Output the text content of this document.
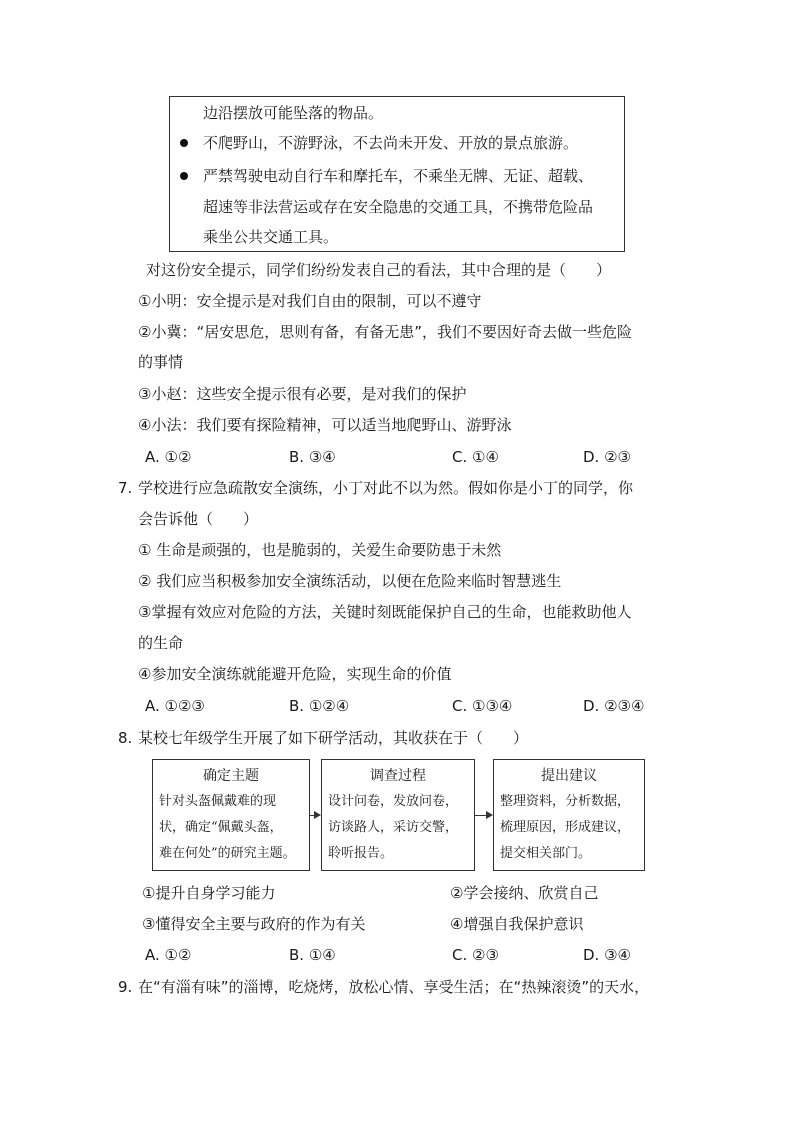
边沿摆放可能坠落的物品。
不爬野山，不游野泳，不去尚未开发、开放的景点旅游。
严禁驾驶电动自行车和摩托车，不乘坐无牌、无证、超载、
超速等非法营运或存在安全隐患的交通工具，不携带危险品
乘坐公共交通工具。
对这份安全提示，同学们纷纷发表自己的看法，其中合理的是（　　）
①小明：安全提示是对我们自由的限制，可以不遵守
②小冀：“居安思危，思则有备，有备无患”，我们不要因好奇去做一些危险
的事情
③小赵：这些安全提示很有必要，是对我们的保护
④小法：我们要有探险精神，可以适当地爬野山、游野泳
A. ①②	B. ③④	C. ①④	D. ②③
7. 学校进行应急疏散安全演练，小丁对此不以为然。假如你是小丁的同学，你
会告诉他（　　）
① 生命是顽强的，也是脆弱的，关爱生命要防患于未然
② 我们应当积极参加安全演练活动，以便在危险来临时智慧逃生
③掌握有效应对危险的方法，关键时刻既能保护自己的生命，也能救助他人
的生命
④参加安全演练就能避开危险，实现生命的价值
A. ①②③	B. ①②④	C. ①③④	D. ②③④
8. 某校七年级学生开展了如下研学活动，其收获在于（　　）
确定主题
针对头盔佩戴难的现
状，确定“佩戴头盔，
难在何处”的研究主题。
调查过程
设计问卷，发放问卷，
访谈路人，采访交警，
聆听报告。
提出建议
整理资料，分析数据，
梳理原因，形成建议，
提交相关部门。
①提升自身学习能力	②学会接纳、欣赏自己
③懂得安全主要与政府的作为有关	④增强自我保护意识
A. ①②	B. ①④	C. ②③	D. ③④
9. 在“有淄有味”的淄博，吃烧烤，放松心情、享受生活；在“热辣滚烫”的天水，
